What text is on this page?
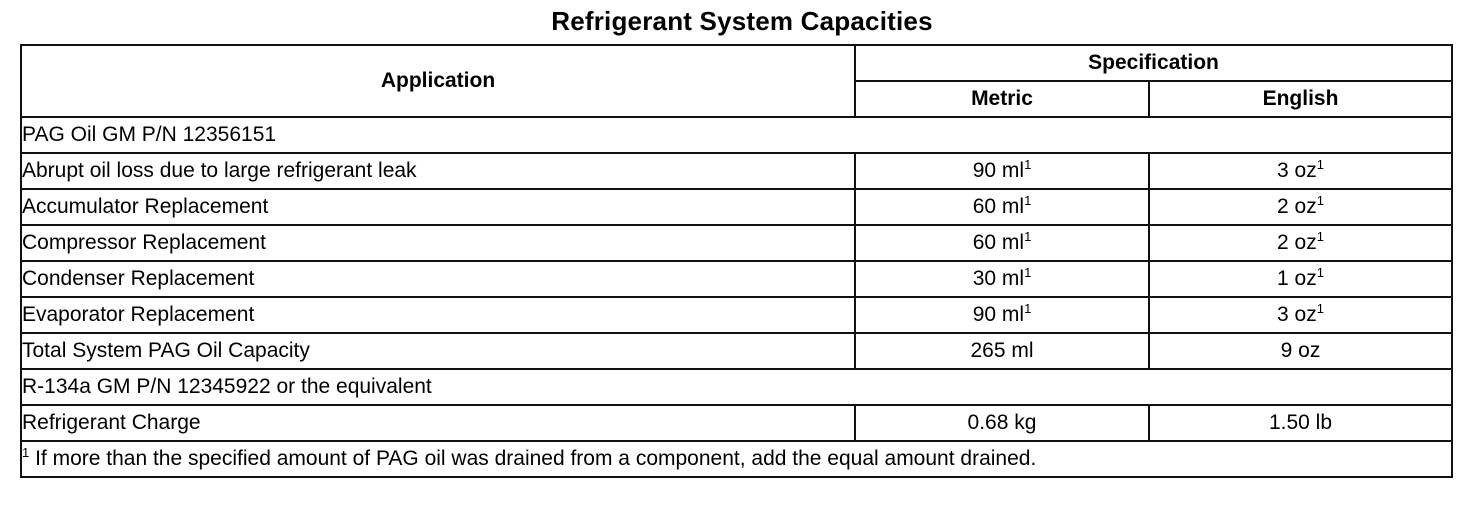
Refrigerant System Capacities
Application	Specification	
	Metric	English
PAG Oil GM P/N 12356151		
Abrupt oil loss due to large refrigerant leak	90 $ml^1$	3 $oz^1$
Accumulator Replacement	60 $ml^1$	2 $oz^1$
Compressor Replacement	60 $ml^1$	2 $oz^1$
Condenser Replacement	30 $ml^1$	1 $oz^1$
Evaporator Replacement	90 $ml^1$	3 $oz^1$
Total System PAG Oil Capacity	265 ml	9 oz
R-134a GM P/N 12345922 or the equivalent		
Refrigerant Charge	0.68 kg	1.50 lb
$^1$ If more than the specified amount of PAG oil was drained from a component, add the equal amount drained.		
